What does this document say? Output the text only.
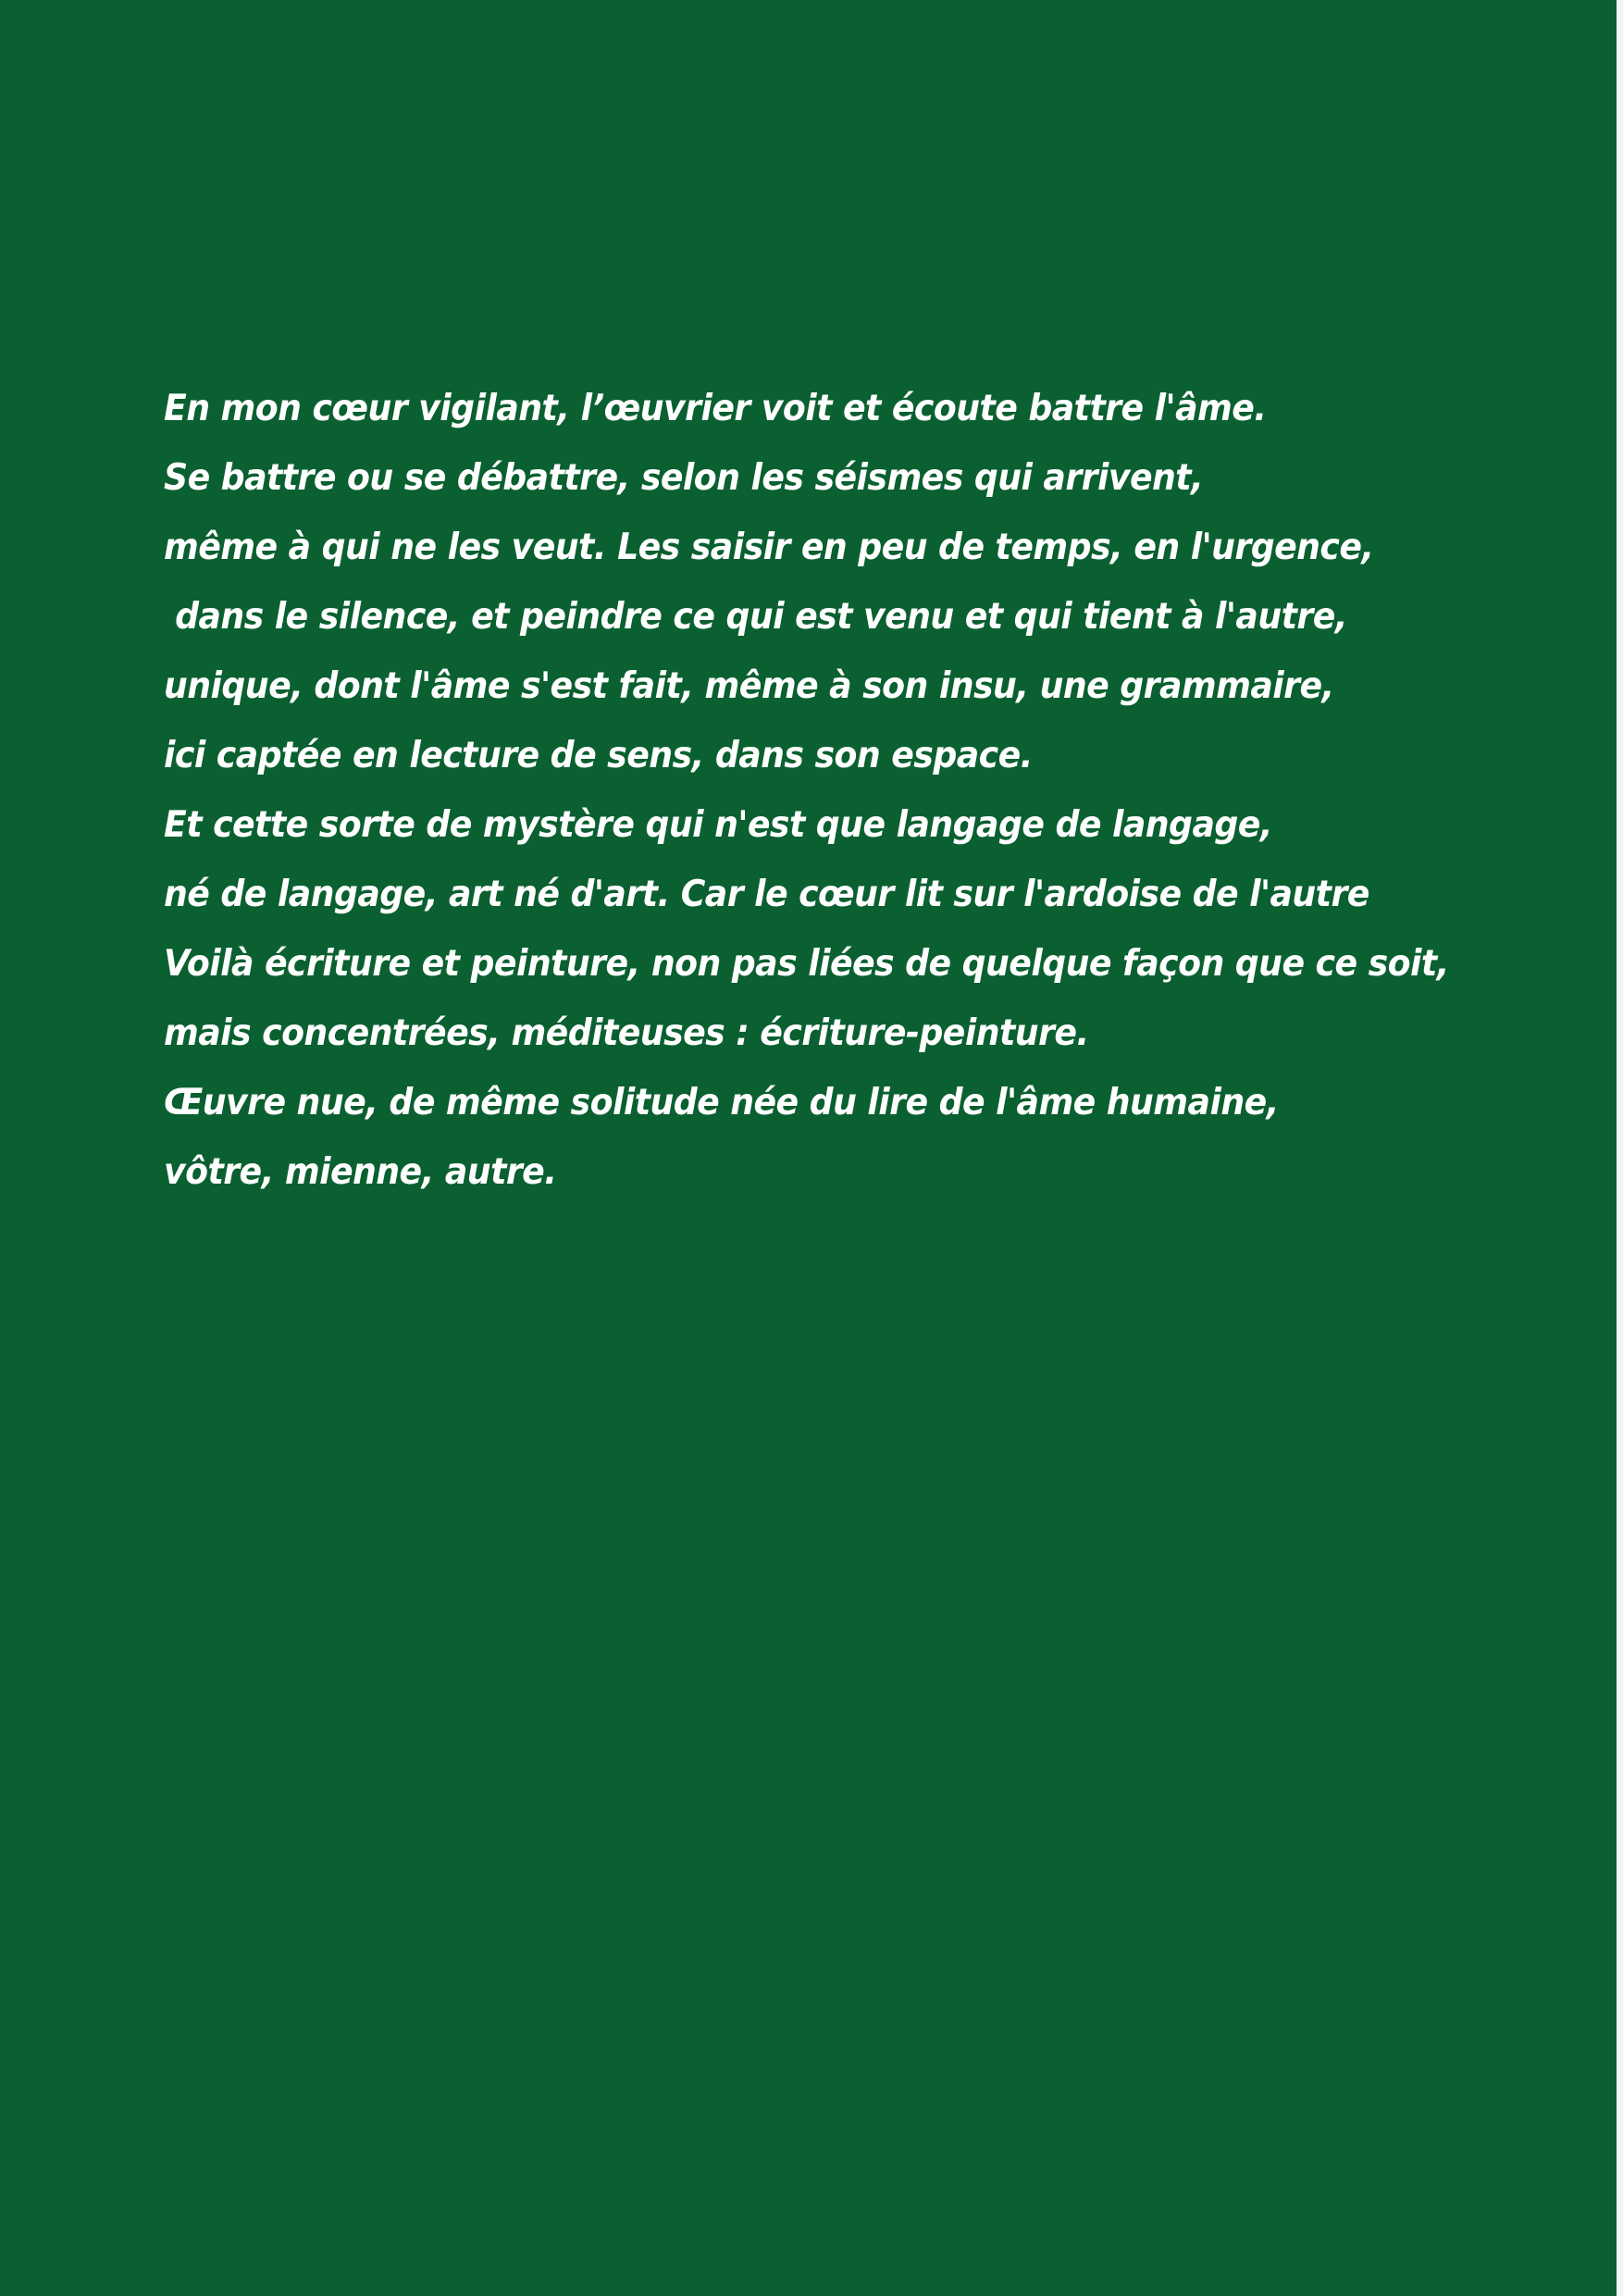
En mon cœur vigilant, l’œuvrier voit et écoute battre l'âme.
Se battre ou se débattre, selon les séismes qui arrivent,
même à qui ne les veut. Les saisir en peu de temps, en l'urgence,
dans le silence, et peindre ce qui est venu et qui tient à l'autre,
unique, dont l'âme s'est fait, même à son insu, une grammaire,
ici captée en lecture de sens, dans son espace.
Et cette sorte de mystère qui n'est que langage de langage,
né de langage, art né d'art. Car le cœur lit sur l'ardoise de l'autre
Voilà écriture et peinture, non pas liées de quelque façon que ce soit,
mais concentrées, méditeuses : écriture-peinture.
Œuvre nue, de même solitude née du lire de l'âme humaine,
vôtre, mienne, autre.
